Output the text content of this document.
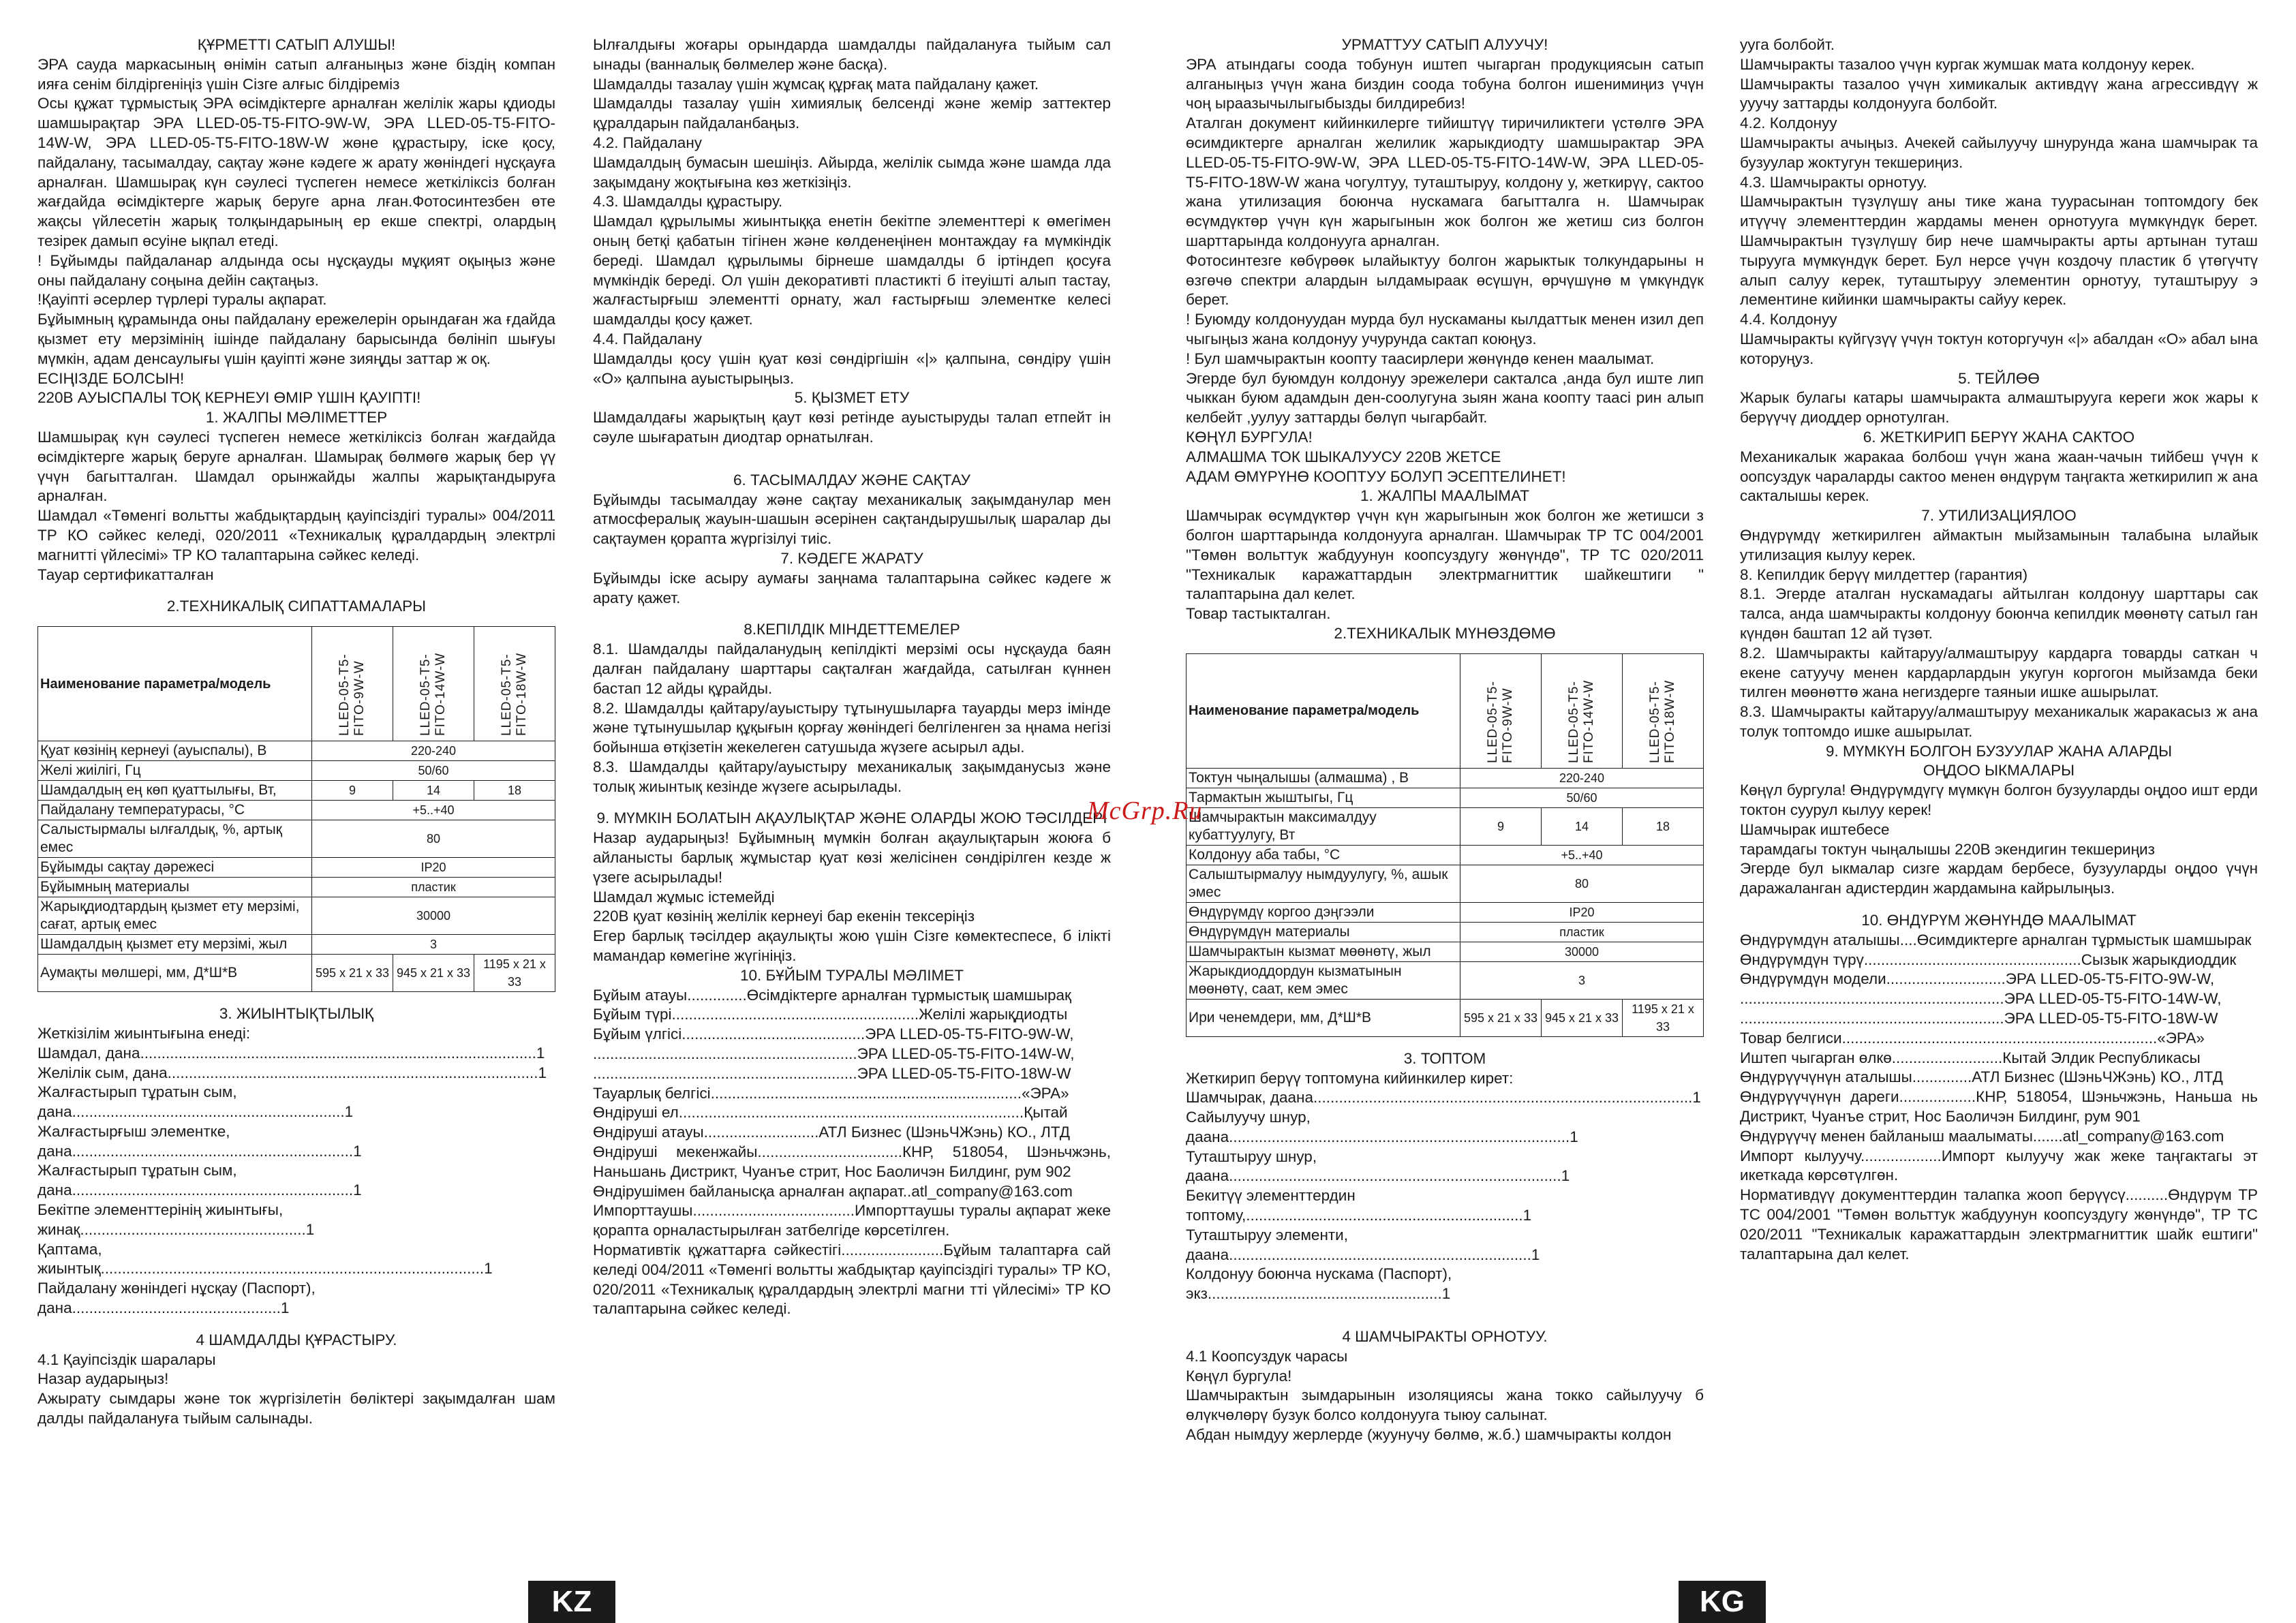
ҚҰРМЕТТІ САТЫП АЛУШЫ!

ЭРА сауда маркасының өнімін сатып алғаныңыз және біздің компан ияға сенім білдіргеніңіз үшін Сізге алғыс білдіреміз

Осы құжат тұрмыстық ЭРА өсімдіктерге арналған желілік жары қдиоды шамшырақтар ЭРА LLED-05-T5-FITO-9W-W, ЭРА LLED-05-T5-FITO-14W-W, ЭРА LLED-05-T5-FITO-18W-W жөне құрастыру, іске қосу, пайдалану, тасымалдау, сақтау және кәдеге ж арату жөніндегі нұсқауға арналған. Шамшырақ күн сәулесі түспеген немесе жеткіліксіз болған жағдайда өсімдіктерге жарық беруге арна лған.Фотосинтезбен өте жақсы үйлесетін жарық толқындарының ер екше спектрі, олардың тезірек дамып өсуіне ықпал етеді.

! Бұйымды пайдаланар алдында осы нұсқауды мұқият оқыңыз және оны пайдалану соңына дейін сақтаңыз.

!Қауіпті әсерлер түрлері туралы ақпарат.

Бұйымның құрамында оны пайдалану ережелерін орындаған жа ғдайда қызмет ету мерзімінің ішінде пайдалану барысында бөлініп шығуы мүмкін, адам денсаулығы үшін қауіпті және зияңды заттар ж оқ.

ЕСІҢІЗДЕ БОЛСЫН!

220В АУЫСПАЛЫ ТОҚ КЕРНЕУІ ӨМІР ҮШІН ҚАУІПТІ!

1. ЖАЛПЫ МӘЛІМЕТТЕР

Шамшырақ күн сәулесі түспеген немесе жеткіліксіз болған жағдайда өсімдіктерге жарық беруге арналған. Шамырақ бөлмөгө жарық бер үү үчүн багытталган. Шамдал орынжайды жалпы жарықтандыруға арналған.

Шамдал «Төменгі вольтты жабдықтардың қауіпсіздігі туралы» 004/2011 ТР КО сәйкес келеді, 020/2011 «Техникалық құралдардың электрлі магнитті үйлесімі» ТР КО талаптарына сәйкес келеді.

Тауар сертификатталған

2.ТЕХНИКАЛЫҚ СИПАТТАМАЛАРЫ

Наименование параметра/модель	LLED-05-T5-FITO-9W-W	LLED-05-T5-FITO-14W-W	LLED-05-T5-FITO-18W-W
Қуат көзінің кернеуі (ауыспалы), В	220-240		
Желі жиілігі, Гц	50/60		
Шамдалдың ең көп қуаттылығы, Вт,	9	14	18
Пайдалану температурасы, °С	+5..+40		
Салыстырмалы ылғалдық, %, артық емес	80		
Бұйымды сақтау дәрежесі	IP20		
Бұйымның материалы	пластик		
Жарықдиодтардың қызмет ету мерзімі, сағат, артық емес	30000		
Шамдалдың қызмет ету мерзімі, жыл	3		
Аумақты мөлшері, мм, Д*Ш*В	595 х 21 х 33	945 х 21 х 33	1195 х 21 х 33

3. ЖИЫНТЫҚТЫЛЫҚ

Жеткізілім жиынтығына енеді:

Шамдал, дана.............................................................................................1

Желілік сым, дана.......................................................................................1

Жалғастырып тұратын сым, дана................................................................1

Жалғастырғыш элементке, дана..................................................................1

Жалғастырып тұратын сым, дана..................................................................1

Бекітпе элементтерінің жиынтығы, жинақ.....................................................1

Қаптама, жиынтық..........................................................................................1

Пайдалану жөніндегі нұсқау (Паспорт), дана.................................................1

4 ШАМДАЛДЫ ҚҰРАСТЫРУ.

4.1 Қауіпсіздік шаралары

Назар аударыңыз!

Ажырату сымдары және ток жүргізілетін бөліктері зақымдалған шам далды пайдалануға тыйым салынады.

Ылғалдығы жоғары орындарда шамдалды пайдалануға тыйым сал ынады (ванналық бөлмелер және басқа).

Шамдалды тазалау үшін жұмсақ құрғақ мата пайдалану қажет.

Шамдалды тазалау үшін химиялық белсенді және жемір заттектер құралдарын пайдаланбаңыз.

4.2. Пайдалану

Шамдалдың бумасын шешіңіз. Айырда, желілік сымда және шамда лда зақымдану жоқтығына көз жеткізіңіз.

4.3. Шамдалды құрастыру.

Шамдал құрылымы жиынтыққа енетін бекітпе элементтері к өмегімен оның бетқі қабатын тігінен және көлденеңінен монтаждау ға мүмкіндік береді. Шамдал құрылымы бірнеше шамдалды б іртіндеп қосуға мүмкіндік береді. Ол үшін декоративті пластикті б ітеуішті алып тастау, жалғастырғыш элементті орнату, жал ғастырғыш элементке келесі шамдалды қосу қажет.

4.4. Пайдалану

Шамдалды қосу үшін қуат көзі сөндіргішін «|» қалпына, сөндіру үшін «О» қалпына ауыстырыңыз.

5. ҚЫЗМЕТ ЕТУ

Шамдалдағы жарықтың қаут көзі ретінде ауыстыруды талап етпейт ін сәуле шығаратын диодтар орнатылған.

6. ТАСЫМАЛДАУ ЖӘНЕ САҚТАУ

Бұйымды тасымалдау және сақтау механикалық зақымданулар мен атмосфералық жауын-шашын әсерінен сақтандырушылық шаралар ды сақтаумен қорапта жүргізілуі тиіс.

7. КӘДЕГЕ ЖАРАТУ

Бұйымды іске асыру аумағы заңнама талаптарына сәйкес кәдеге ж арату қажет.

8.КЕПІЛДІК МІНДЕТТЕМЕЛЕР

8.1. Шамдалды пайдаланудың кепілдікті мерзімі осы нұсқауда баян далған пайдалану шарттары сақталған жағдайда, сатылған күннен бастап 12 айды құрайды.

8.2. Шамдалды қайтару/ауыстыру тұтынушыларға тауарды мерз імінде және тұтынушылар құқығын қорғау жөніндегі белгіленген за ңнама негізі бойынша өтқізетін жекелеген сатушыда жүзеге асырыл ады.

8.3. Шамдалды қайтару/ауыстыру механикалық зақымданусыз және толық жиынтық кезінде жүзеге асырылады.

9. МҮМКІН БОЛАТЫН АҚАУЛЫҚТАР ЖӘНЕ ОЛАРДЫ ЖОЮ ТӘСІЛДЕРІ

Назар аударыңыз! Бұйымның мүмкін болған ақаулықтарын жоюға б айланысты барлық жұмыстар қуат көзі желісінен сөндірілген кезде ж үзеге асырылады!

Шамдал жұмыс істемейді

220В қуат көзінің желілік кернеуі бар екенін тексеріңіз

Егер барлық тәсілдер ақаулықты жою үшін Сізге көмектеспесе, б іліктi мамандар көмегіне жүгініңіз.

10. БҰЙЫМ ТУРАЛЫ МӘЛІМЕТ

Бұйым атауы..............Өсімдіктерге арналған тұрмыстық шамшырақ

Бұйым түрі..........................................................Желілі жарықдиодты

Бұйым үлгісі...........................................ЭРА LLED-05-T5-FITO-9W-W,

..............................................................ЭРА LLED-05-T5-FITO-14W-W,

..............................................................ЭРА LLED-05-T5-FITO-18W-W

Тауарлық белгісі.........................................................................«ЭРА»

Өндіруші ел.................................................................................Қытай

Өндіруші атауы...........................АТЛ Бизнес (ШэньЧЖэнь) КО., ЛТД

Өндіруші мекенжайы..................................КНР, 518054, Шэньчжэнь, Наньшань Дистрикт, Чуанъе стрит, Нос Баоличэн Билдинг, рум 902

Өндірушімен байланысқа арналған ақпарат..atl_company@163.com

Импорттаушы......................................Импорттаушы туралы ақпарат жеке қорапта орналастырылған затбелгіде көрсетілген.

Нормативтік құжаттарға сәйкестігі........................Бұйым талаптарға сай келеді 004/2011 «Төменгі вольтты жабдықтар қауіпсіздігі туралы» ТР КО, 020/2011 «Техникалық құралдардың электрлі магни тті үйлесімі» ТР КО талаптарына сәйкес келеді.

УРМАТТУУ САТЫП АЛУУЧУ!

ЭРА атындагы соода тобунун иштеп чыгарган продукциясын сатып алганыңыз үчүн жана биздин соода тобуна болгон ишенимиңиз үчүн чоң ыраазычылыгыбызды билдиребиз!

Аталган документ кийинкилерге тийиштүү тиричиликтеги үстөлгө ЭРА өсимдиктерге арналган желилик жарыкдиодту шамшырактар ЭРА LLED-05-T5-FITO-9W-W, ЭРА LLED-05-T5-FITO-14W-W, ЭРА LLED-05-T5-FITO-18W-W жана чогултуу, туташтыруу, колдону у, жеткирүү, сактоо жана утилизация боюнча нускамага багытталга н. Шамчырак өсүмдүктөр үчүн күн жарыгынын жок болгон же жетиш сиз болгон шарттарында колдонууга арналган.

Фотосинтезге көбүрөөк ылайыктуу болгон жарыктык толкундарыны н өзгөчө спектри алардын ылдамыраак өсүшүн, өрчүшүнө м үмкүндүк берет.

! Буюмду колдонуудан мурда бул нускаманы кылдаттык менен изил деп чыгыңыз жана колдонуу учурунда сактап коюңуз.

! Бул шамчырактын коопту таасирлери жөнүндө кенен маалымат.

Эгерде бул буюмдун колдонуу эрежелери сакталса ,анда бул иште лип чыккан буюм адамдын ден-соолугуна зыян жана коопту таасі рин алып келбейт ,уулуу заттарды бөлүп чыгарбайт.

КӨҢҮЛ БУРГУЛА!

АЛМАШМА ТОК ШЫКАЛУУСУ 220В ЖЕТСЕ

АДАМ ӨМҮРҮНӨ КООПТУУ БОЛУП ЭСЕПТЕЛИНЕТ!

1. ЖАЛПЫ МААЛЫМАТ

Шамчырак өсүмдүктөр үчүн күн жарыгынын жок болгон же жетишси з болгон шарттарында колдонууга арналган. Шамчырак ТР ТС 004/2001 "Төмөн вольттук жабдуунун коопсуздугу жөнүндө", ТР ТС 020/2011 "Техникалык каражаттардын электрмагниттик шайкештиги " талаптарына дал келет.

Товар тастыкталган.

2.ТЕХНИКАЛЫК МҮНӨЗДӨМӨ

Наименование параметра/модель	LLED-05-T5-FITO-9W-W	LLED-05-T5-FITO-14W-W	LLED-05-T5-FITO-18W-W
Токтун чыңалышы (алмашма) , В	220-240		
Тармактын жыштыгы, Гц	50/60		
Шамчырактын максималдуу кубаттуулугу, Вт	9	14	18
Колдонуу аба табы, °С	+5..+40		
Салыштырмалуу нымдуулугу, %, ашык эмес	80		
Өндүрүмдү коргоо дэңгээли	IP20		
Өндүрүмдүн материалы	пластик		
Шамчырактын кызмат мөөнөтү, жыл	30000		
Жарыкдиоддордун кызматынын мөөнөтү, саат, кем эмес	3		
Ири ченемдери, мм, Д*Ш*В	595 х 21 х 33	945 х 21 х 33	1195 х 21 х 33

3. ТОПТОМ

Жеткирип берүү топтомуна кийинкилер кирет:

Шамчырак, даана.........................................................................................1

Сайылуучу шнур, даана................................................................................1

Туташтыруу шнур, даана..............................................................................1

Бекитүү элементтердин топтому,.................................................................1

Туташтыруу элементи, даана.......................................................................1

Колдонуу боюнча нускама (Паспорт), экз.......................................................1

4 ШАМЧЫРАКТЫ ОРНОТУУ.

4.1 Коопсуздук чарасы

Көңүл бургула!

Шамчырактын зымдарынын изоляциясы жана токко сайылуучу б өлүкчөлөрү бузук болсо колдонууга тыюу салынат.

Абдан нымдуу жерлерде (жуунучу бөлмө, ж.б.) шамчыракты колдон

ууга болбойт.

Шамчыракты тазалоо үчүн кургак жумшак мата колдонуу керек.

Шамчыракты тазалоо үчүн химикалык активдүү жана агрессивдүү ж ууучу заттарды колдонууга болбойт.

4.2. Колдонуу

Шамчыракты ачыңыз. Ачекей сайылуучу шнурунда жана шамчырак та бузуулар жоктугун текшериңиз.

4.3. Шамчыракты орнотуу.

Шамчырактын түзүлүшү аны тике жана туурасынан топтомдогу бек итүүчү элементтердин жардамы менен орнотууга мүмкүндүк берет. Шамчырактын түзүлүшү бир нече шамчыракты арты артынан туташ тырууга мүмкүндүк берет. Бул нерсе үчүн коздочу пластик б үтөгүчтү алып салуу керек, туташтыруу элементин орнотуу, туташтыруу э лементине кийинки шамчыракты сайуу керек.

4.4. Колдонуу

Шамчыракты күйгүзүү үчүн токтун которгучун «|» абалдан «О» абал ына которуңуз.

5. ТЕЙЛӨӨ

Жарык булагы катары шамчыракта алмаштырууга кереги жок жары к берүүчү диоддер орнотулган.

6. ЖЕТКИРИП БЕРҮҮ ЖАНА САКТОО

Механикалык жаракаа болбош үчүн жана жаан-чачын тийбеш үчүн к оопсуздук чараларды сактоо менен өндүрүм таңгакта жеткирилип ж ана сакталышы керек.

7. УТИЛИЗАЦИЯЛОО

Өндүрүмдү жеткирилген аймактын мыйзамынын талабына ылайык утилизация кылуу керек.

8. Кепилдик берүү милдеттер (гарантия)

8.1. Эгерде аталган нускамадагы айтылган колдонуу шарттары сак талса, анда шамчыракты колдонуу боюнча кепилдик мөөнөтү сатыл ган күндөн баштап 12 ай түзөт.

8.2. Шамчыракты кайтаруу/алмаштыруу кардарга товарды саткан ч екене сатуучу менен кардарлардын укугун коргогон мыйзамда беки тилген мөөнөттө жана негиздерге таяныи ишке ашырылат.

8.3. Шамчыракты кайтаруу/алмаштыруу механикалык жаракасыз ж ана толук топтомдо ишке ашырылат.

9. МҮМКҮН БОЛГОН БУЗУУЛАР ЖАНА АЛАРДЫ

ОҢДОО ЫКМАЛАРЫ

Көңүл бургула! Өндүрүмдүгү мүмкүн болгон бузууларды оңдоо ишт ерди токтон суурул кылуу керек!

Шамчырак иштебесе

тарамдагы токтун чыңалышы 220В экендигин текшериңиз

Эгерде бул ыкмалар сизге жардам бербесе, бузууларды оңдоо үчүн даражаланган адистердин жардамына кайрылыңыз.

10. ӨНДҮРҮМ ЖӨНҮНДӨ МААЛЫМАТ

Өндүрүмдүн аталышы....Өсимдиктерге арналган тұрмыстык шамшырак

Өндүрүмдүн түрү...................................................Сызык жарыкдиоддик

Өндүрүмдүн модели............................ЭРА LLED-05-T5-FITO-9W-W,

..............................................................ЭРА LLED-05-T5-FITO-14W-W,

..............................................................ЭРА LLED-05-T5-FITO-18W-W

Товар белгиси..........................................................................«ЭРА»

Иштеп чыгарган өлкө..........................Кытай Элдик Республикасы

Өндүрүүчүнүн аталышы..............АТЛ Бизнес (ШэньЧЖэнь) КО., ЛТД

Өндүрүүчүнүн дареги..................КНР, 518054, Шэньчжэнь, Наньша нь Дистрикт, Чуанъе стрит, Нос Баоличэн Билдинг, рум 901

Өндүрүүчү менен байланыш маалыматы.......atl_company@163.com

Импорт кылуучу...................Импорт кылуучу жак жеке таңгактагы эт икеткада көрсөтүлгөн.

Нормативдүү документтердин талапка жооп берүүсү..........Өндүрүм ТР ТС 004/2001 "Төмөн вольттук жабдуунун коопсуздугу жөнүндө", ТР ТС 020/2011 "Техникалык каражаттардын электрмагниттик шайк ештиги" талаптарына дал келет.

McGrp.Ru
KZ	KG
